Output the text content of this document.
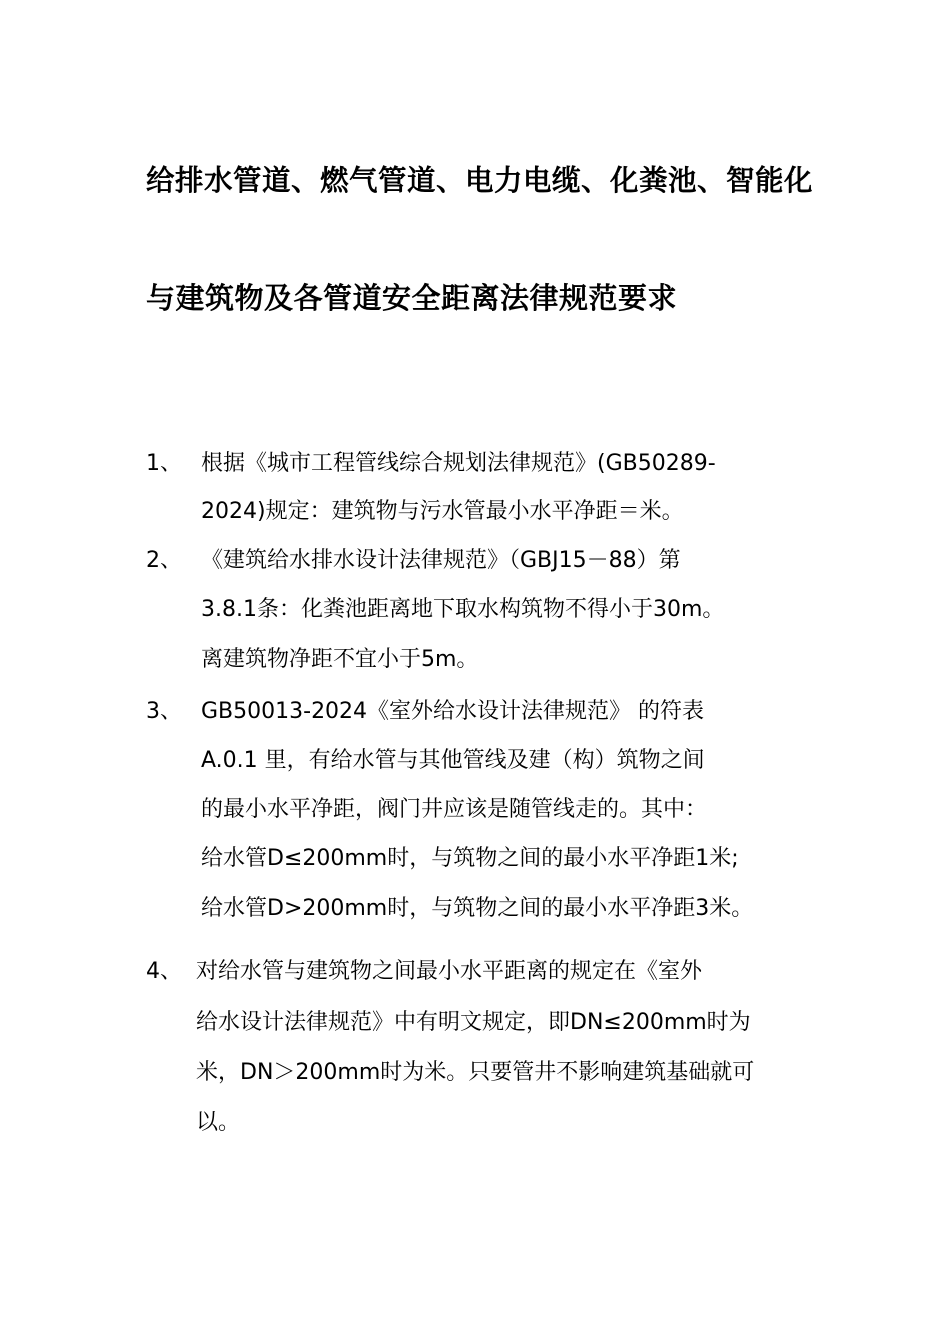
给排水管道、燃气管道、电力电缆、化粪池、智能化
与建筑物及各管道安全距离法律规范要求
1、 根据《城市工程管线综合规划法律规范》(GB50289-
2024)规定：建筑物与污水管最小水平净距＝米。
2、 《建筑给水排水设计法律规范》（GBJ15－88）第
3.8.1条：化粪池距离地下取水构筑物不得小于30m。
离建筑物净距不宜小于5m。
3、 GB50013-2024《室外给水设计法律规范》 的符表
A.0.1 里，有给水管与其他管线及建（构）筑物之间
的最小水平净距，阀门井应该是随管线走的。其中：
给水管D≤200mm时，与筑物之间的最小水平净距1米;
给水管D>200mm时，与筑物之间的最小水平净距3米。
4、 对给水管与建筑物之间最小水平距离的规定在《室外
给水设计法律规范》中有明文规定，即DN≤200mm时为
米，DN＞200mm时为米。只要管井不影响建筑基础就可
以。
